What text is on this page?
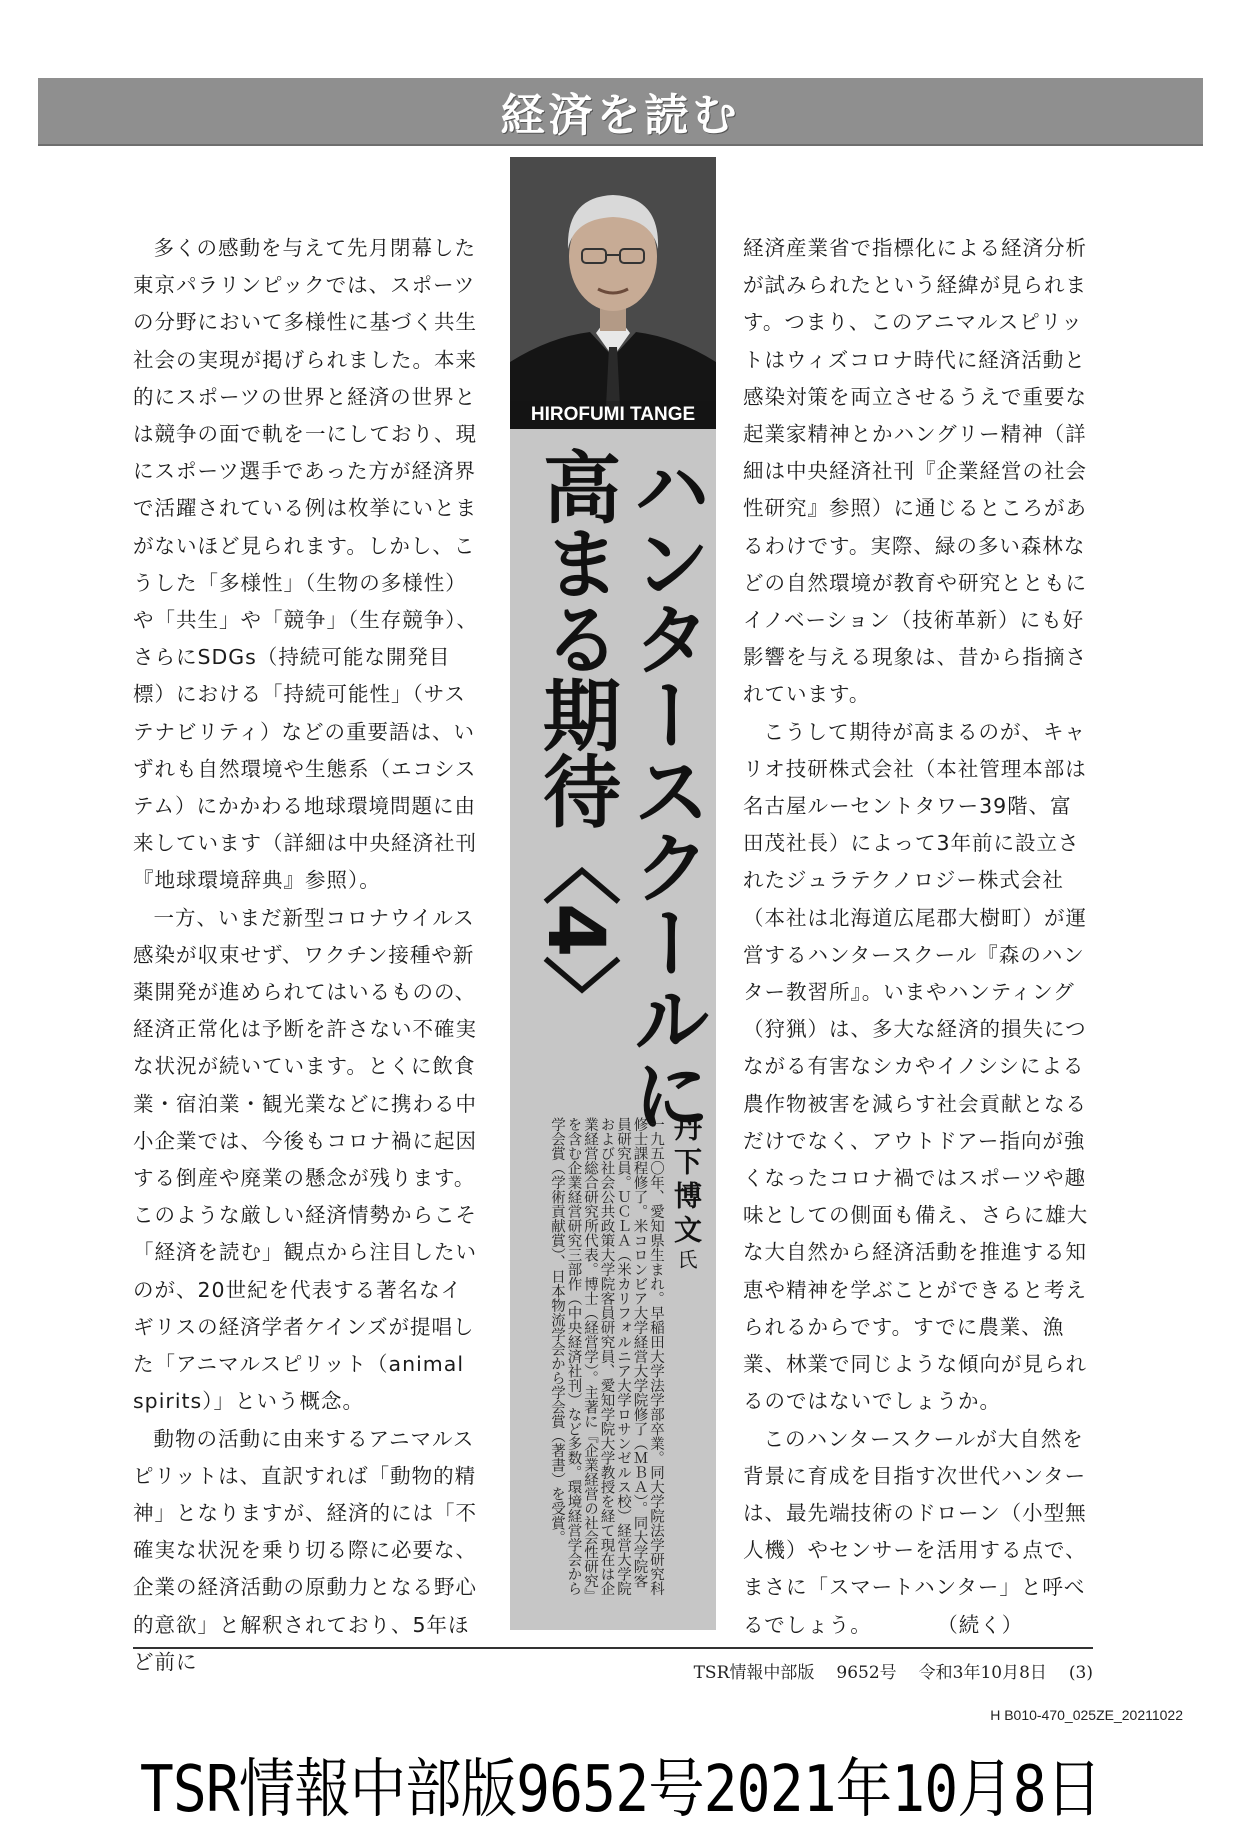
経済を読む

多くの感動を与えて先月閉幕した東京パラリンピックでは、スポーツの分野において多様性に基づく共生社会の実現が掲げられました。本来的にスポーツの世界と経済の世界とは競争の面で軌を一にしており、現にスポーツ選手であった方が経済界で活躍されている例は枚挙にいとまがないほど見られます。しかし、こうした「多様性」（生物の多様性）や「共生」や「競争」（生存競争）、さらにSDGs（持続可能な開発目標）における「持続可能性」（サステナビリティ）などの重要語は、いずれも自然環境や生態系（エコシステム）にかかわる地球環境問題に由来しています（詳細は中央経済社刊『地球環境辞典』参照）。

一方、いまだ新型コロナウイルス感染が収束せず、ワクチン接種や新薬開発が進められてはいるものの、経済正常化は予断を許さない不確実な状況が続いています。とくに飲食業・宿泊業・観光業などに携わる中小企業では、今後もコロナ禍に起因する倒産や廃業の懸念が残ります。このような厳しい経済情勢からこそ「経済を読む」観点から注目したいのが、20世紀を代表する著名なイギリスの経済学者ケインズが提唱した「アニマルスピリット（animal spirits）」という概念。

動物の活動に由来するアニマルスピリットは、直訳すれば「動物的精神」となりますが、経済的には「不確実な状況を乗り切る際に必要な、企業の経済活動の原動力となる野心的意欲」と解釈されており、5年ほど前に

HIROFUMI TANGE
ハンタースクールに
高まる期待〈4〉
丹下博文氏
一九五〇年、愛知県生まれ。早稲田大学法学部卒業。同大学院法学研究科修士課程修了。米コロンビア大学経営大学院修了（ＭＢＡ）。同大学院客員研究員。ＵＣＬＡ（米カリフォルニア大学ロサンゼルス校）経営大学院および社会公共政策大学院客員研究員、愛知学院大学教授を経て現在は企業経営総合研究所代表。博士（経営学）。主著に『企業経営の社会性研究』を含む企業経営研究三部作（中央経済社刊）など多数。環境経営学会から学会賞（学術貢献賞）、日本物流学会から学会賞（著書）を受賞。

経済産業省で指標化による経済分析が試みられたという経緯が見られます。つまり、このアニマルスピリットはウィズコロナ時代に経済活動と感染対策を両立させるうえで重要な起業家精神とかハングリー精神（詳細は中央経済社刊『企業経営の社会性研究』参照）に通じるところがあるわけです。実際、緑の多い森林などの自然環境が教育や研究とともにイノベーション（技術革新）にも好影響を与える現象は、昔から指摘されています。

こうして期待が高まるのが、キャリオ技研株式会社（本社管理本部は名古屋ルーセントタワー39階、富田茂社長）によって3年前に設立されたジュラテクノロジー株式会社（本社は北海道広尾郡大樹町）が運営するハンタースクール『森のハンター教習所』。いまやハンティング（狩猟）は、多大な経済的損失につながる有害なシカやイノシシによる農作物被害を減らす社会貢献となるだけでなく、アウトドアー指向が強くなったコロナ禍ではスポーツや趣味としての側面も備え、さらに雄大な大自然から経済活動を推進する知恵や精神を学ぶことができると考えられるからです。すでに農業、漁業、林業で同じような傾向が見られるのではないでしょうか。

このハンタースクールが大自然を背景に育成を目指す次世代ハンターは、最先端技術のドローン（小型無人機）やセンサーを活用する点で、まさに「スマートハンター」と呼べるでしょう。　　　　（続く）

TSR情報中部版 9652号 令和3年10月8日 (3)
H B010-470_025ZE_20211022
TSR情報中部版9652号2021年10月8日
